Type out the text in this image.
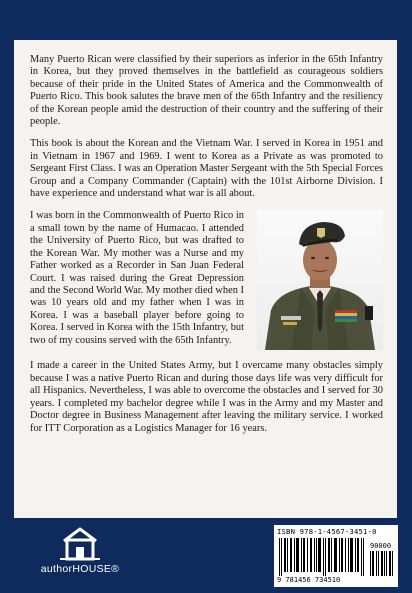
Many Puerto Rican were classified by their superiors as inferior in the 65th Infantry in Korea, but they proved themselves in the battlefield as courageous soldiers because of their pride in the United States of America and the Commonwealth of Puerto Rico. This book salutes the brave men of the 65th Infantry and the resiliency of the Korean people amid the destruction of their country and the suffering of their people.

This book is about the Korean and the Vietnam War. I served in Korea in 1951 and in Vietnam in 1967 and 1969. I went to Korea as a Private as was promoted to Sergeant First Class. I was an Operation Master Sergeant with the 5th Special Forces Group and a Company Commander (Captain) with the 101st Airborne Division. I have experience and understand what war is all about.

I was born in the Commonwealth of Puerto Rico in a small town by the name of Humacao. I attended the University of Puerto Rico, but was drafted to the Korean War. My mother was a Nurse and my Father worked as a Recorder in San Juan Federal Court. I was raised during the Great Depression and the Second World War. My mother died when I was 10 years old and my father when I was in Korea. I was a baseball player before going to Korea. I served in Korea with the 15th Infantry, but two of my cousins served with the 65th Infantry.

I made a career in the United States Army, but I overcame many obstacles simply because I was a native Puerto Rican and during those days life was very difficult for all Hispanics. Nevertheless, I was able to overcome the obstacles and I served for 30 years. I completed my bachelor degree while I was in the Army and my Master and Doctor degree in Business Management after leaving the military service. I worked for ITT Corporation as a Logistics Manager for 16 years.

authorHOUSE®
ISBN 978-1-4567-3451-0
90000
9 781456 734510
